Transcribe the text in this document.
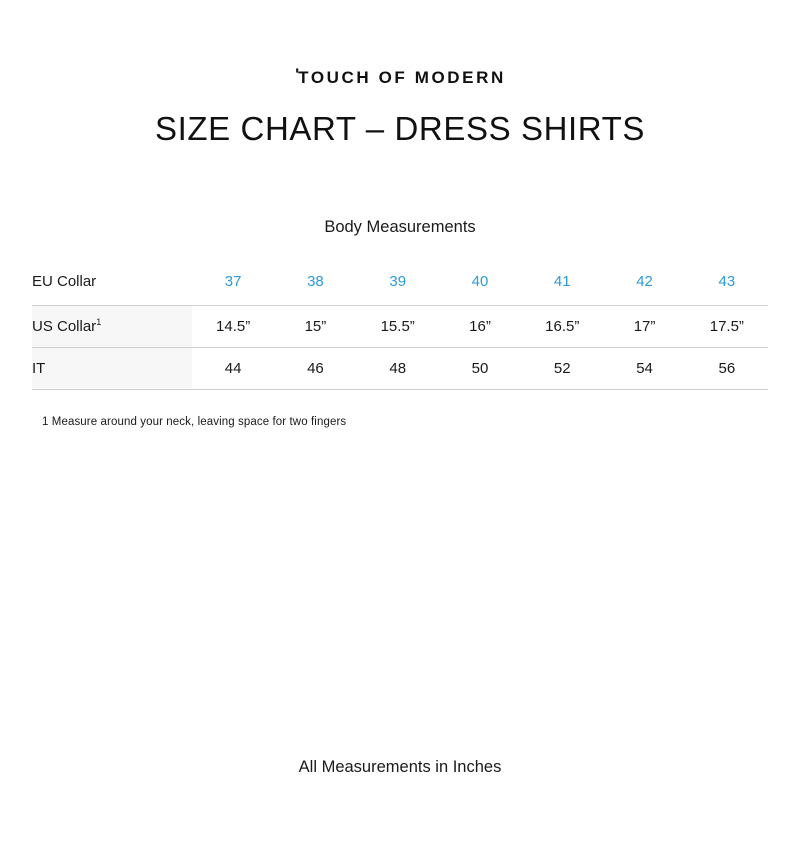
'TOUCH OF MODERN
SIZE CHART – DRESS SHIRTS
Body Measurements
EU Collar	37	38	39	40	41	42	43
US Collar$^1$	14.5”	15”	15.5”	16”	16.5”	17”	17.5”
IT	44	46	48	50	52	54	56
1 Measure around your neck, leaving space for two fingers
All Measurements in Inches
